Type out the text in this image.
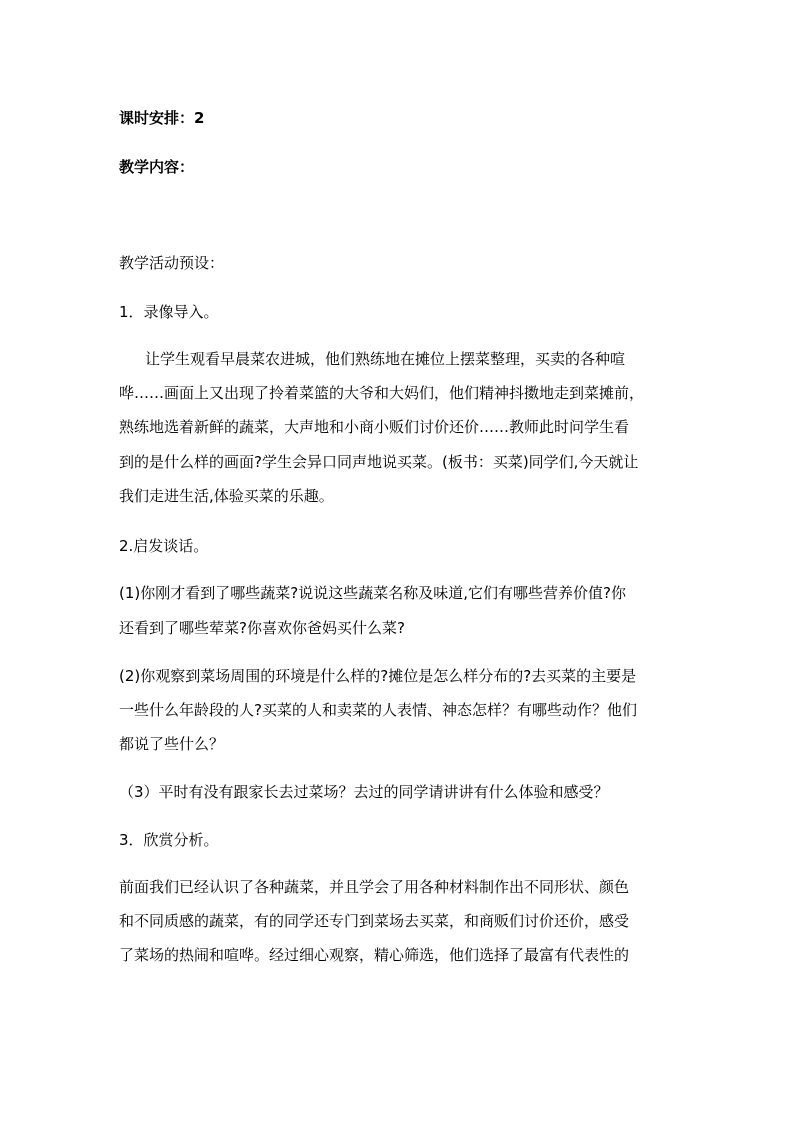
课时安排：2
教学内容：
教学活动预设：
1．录像导入。
让学生观看早晨菜农进城，他们熟练地在摊位上摆菜整理，买卖的各种喧
哗……画面上又出现了拎着菜篮的大爷和大妈们，他们精神抖擞地走到菜摊前，
熟练地选着新鲜的蔬菜，大声地和小商小贩们讨价还价……教师此时问学生看
到的是什么样的画面?学生会异口同声地说买菜。(板书：买菜)同学们,今天就让
我们走进生活,体验买菜的乐趣。
2.启发谈话。
(1)你刚才看到了哪些蔬菜?说说这些蔬菜名称及味道,它们有哪些营养价值?你
还看到了哪些荤菜?你喜欢你爸妈买什么菜?
(2)你观察到菜场周围的环境是什么样的?摊位是怎么样分布的?去买菜的主要是
一些什么年龄段的人?买菜的人和卖菜的人表情、神态怎样？有哪些动作？他们
都说了些什么？
（3）平时有没有跟家长去过菜场？去过的同学请讲讲有什么体验和感受？
3．欣赏分析。
前面我们已经认识了各种蔬菜，并且学会了用各种材料制作出不同形状、颜色
和不同质感的蔬菜，有的同学还专门到菜场去买菜，和商贩们讨价还价，感受
了菜场的热闹和喧哗。经过细心观察，精心筛选，他们选择了最富有代表性的
